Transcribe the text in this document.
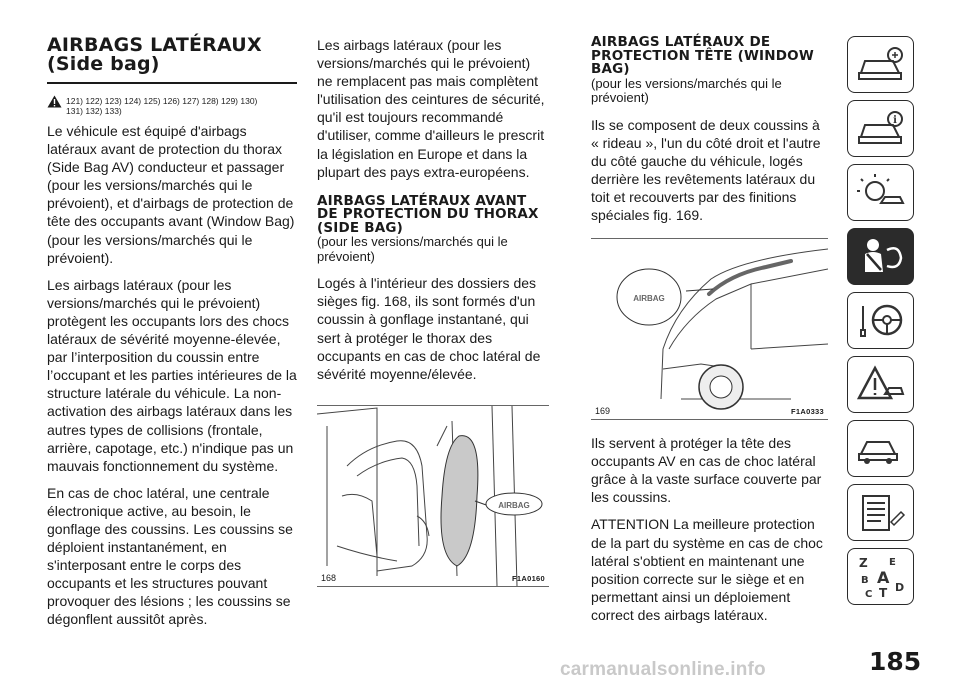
AIRBAGS LATÉRAUX (Side bag)
121) 122) 123) 124) 125) 126) 127) 128) 129) 130) 131) 132) 133)

Le véhicule est équipé d'airbags latéraux avant de protection du thorax (Side Bag AV) conducteur et passager (pour les versions/marchés qui le prévoient), et d'airbags de protection de tête des occupants avant (Window Bag) (pour les versions/marchés qui le prévoient).

Les airbags latéraux (pour les versions/marchés qui le prévoient) protègent les occupants lors des chocs latéraux de sévérité moyenne-élevée, par l’interposition du coussin entre l’occupant et les parties intérieures de la structure latérale du véhicule. La non-activation des airbags latéraux dans les autres types de collisions (frontale, arrière, capotage, etc.) n'indique pas un mauvais fonctionnement du système.

En cas de choc latéral, une centrale électronique active, au besoin, le gonflage des coussins. Les coussins se déploient instantanément, en s'interposant entre le corps des occupants et les structures pouvant provoquer des lésions ; les coussins se dégonflent aussitôt après.

Les airbags latéraux (pour les versions/marchés qui le prévoient) ne remplacent pas mais complètent l'utilisation des ceintures de sécurité, qu'il est toujours recommandé d'utiliser, comme d'ailleurs le prescrit la législation en Europe et dans la plupart des pays extra-européens.

AIRBAGS LATÉRAUX AVANT DE PROTECTION DU THORAX (SIDE BAG)
(pour les versions/marchés qui le prévoient)

Logés à l'intérieur des dossiers des sièges fig. 168, ils sont formés d'un coussin à gonflage instantané, qui sert à protéger le thorax des occupants en cas de choc latéral de sévérité moyenne/élevée.

AIRBAG
168	F1A0160
AIRBAGS LATÉRAUX DE PROTECTION TÊTE (WINDOW BAG)
(pour les versions/marchés qui le prévoient)

Ils se composent de deux coussins à « rideau », l'un du côté droit et l'autre du côté gauche du véhicule, logés derrière les revêtements latéraux du toit et recouverts par des finitions spéciales fig. 169.

AIRBAG
169	F1A0333

Ils servent à protéger la tête des occupants AV en cas de choc latéral grâce à la vaste surface couverte par les coussins.

ATTENTION La meilleure protection de la part du système en cas de choc latéral s'obtient en maintenant une position correcte sur le siège et en permettant ainsi un déploiement correct des airbags latéraux.

i
Z E
B A
C T D
185
carmanualsonline.info
